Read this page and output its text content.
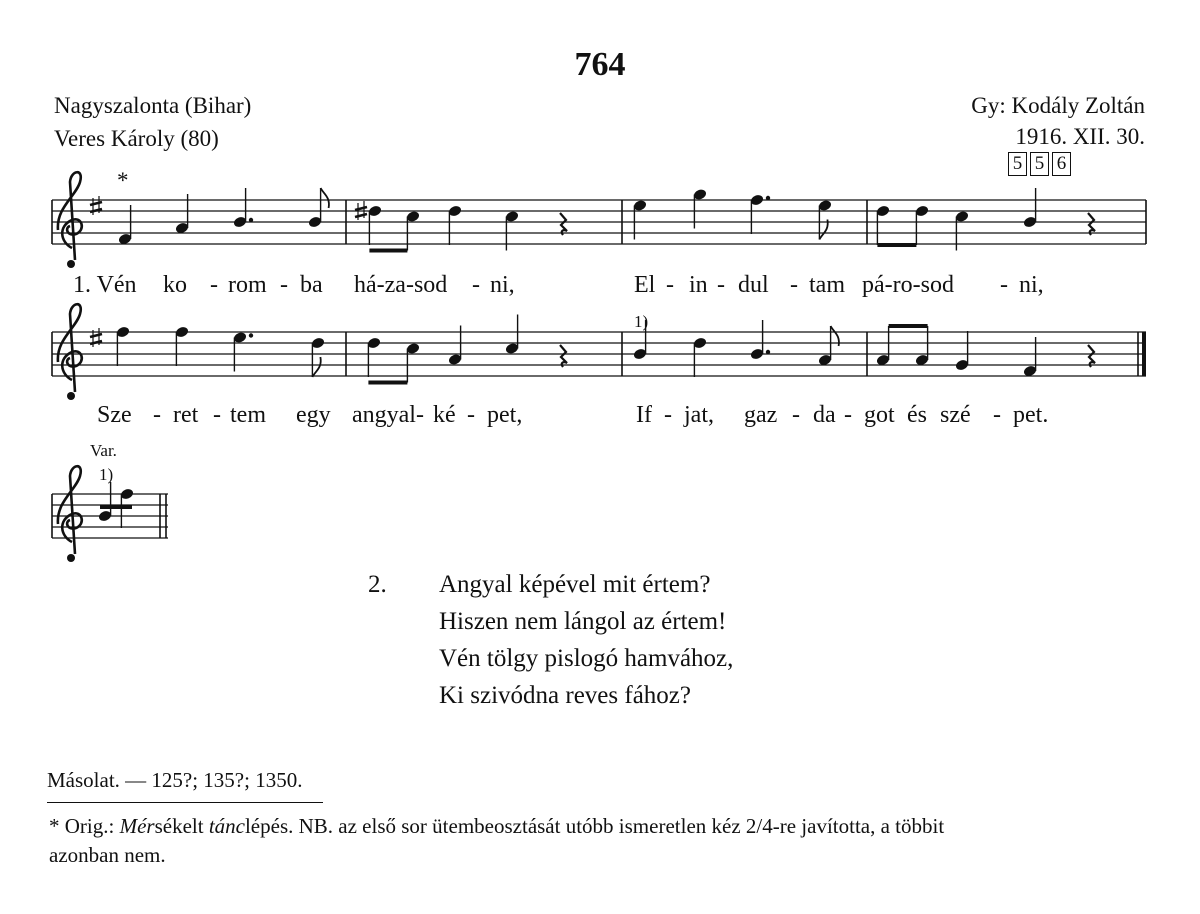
764
Nagyszalonta (Bihar)
Veres Károly (80)
Gy: Kodály Zoltán
1916. XII. 30.
5 5 6
*
1)
Var.
1)
1. Vén ko - rom - ba há-za-sod - ni,	El - in - dul - tam pá-ro-sod - ni,
Sze - ret - tem egy angyal- ké - pet,	If - jat, gaz - da - got és szé - pet.
2. Angyal képével mit értem?
Hiszen nem lángol az értem!
Vén tölgy pislogó hamvához,
Ki szivódna reves fához?
Másolat. — 125?; 135?; 1350.
* Orig.: Mérsékelt tánclépés. NB. az első sor ütembeosztását utóbb ismeretlen kéz 2/4-re javította, a többit
azonban nem.
